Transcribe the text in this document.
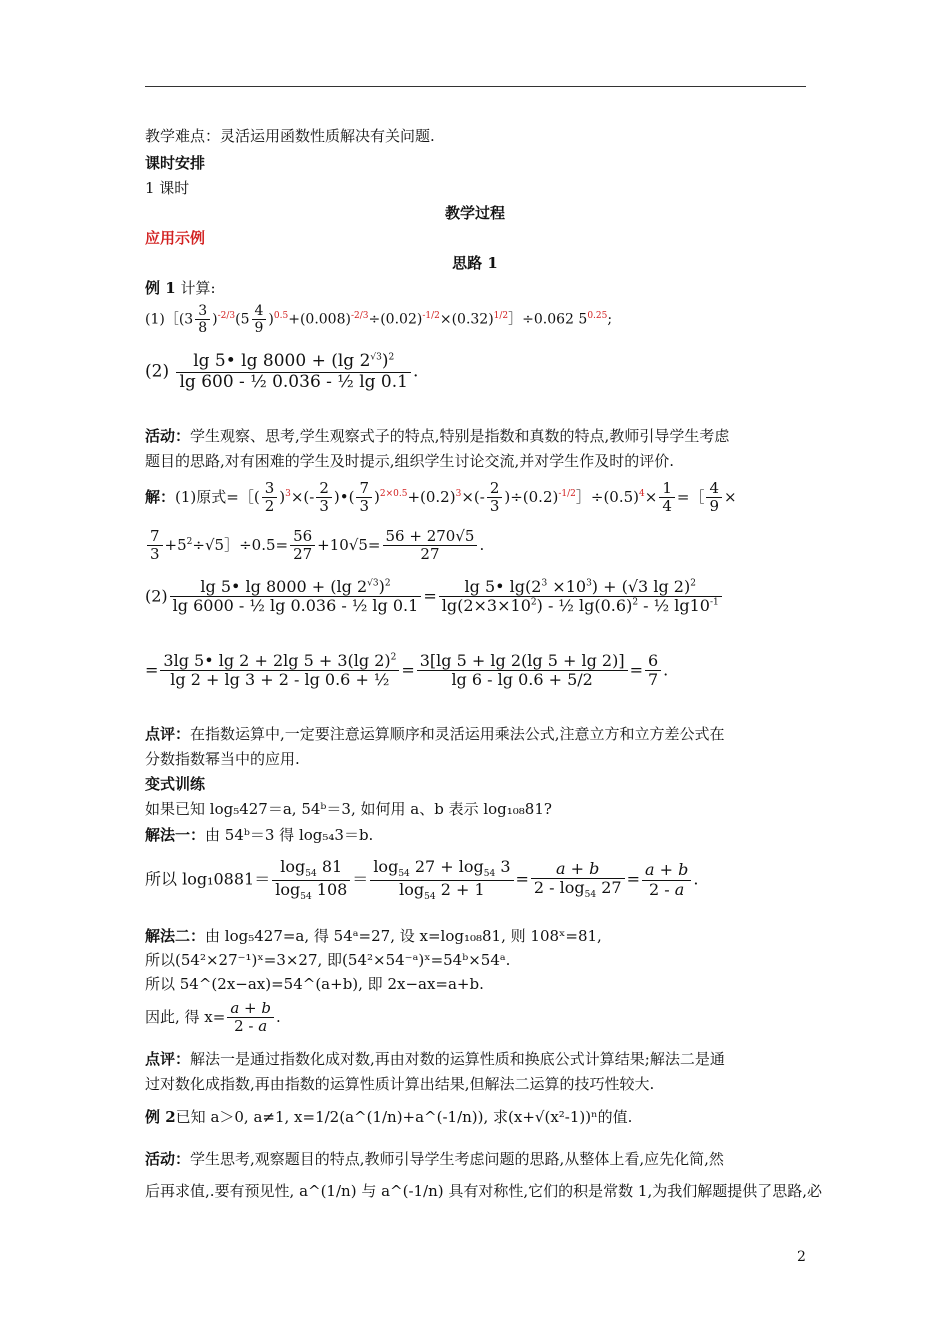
教学难点：灵活运用函数性质解决有关问题.
课时安排
1 课时
教学过程
应用示例
思路 1
例 1 计算:
(1)［(3 $\frac{3}{8} )^{-2/3}(5 \frac{4}{9}$ )$^{0.5}+(0.008)^{-2/3}\div(0.02)^{-1/2}\times(0.32)^{1/2}]\div 0.062$ $5^{0.25}$;
$(2) \frac{\lg 5• \lg 8000 + (\lg 2^{√3})^2}{\text{lg 600 - ½ 0.036 - ½ lg 0.1}}$ .
活动：学生观察、思考,学生观察式子的特点,特别是指数和真数的特点,教师引导学生考虑
题目的思路,对有困难的学生及时提示,组织学生讨论交流,并对学生作及时的评价.
解：(1)原式=［( $\frac{3}{2} )^3\times(- \frac{2}{3}$ )•( $\frac{7}{3} )^{2\times 0.5}+(0.2)^3\times(- \frac{2}{3}$ )$\div(0.2)^{-1/2}]\div(0.5)^4\times \frac{1}{4}$ =［ $\frac{4}{9}$ ×
$\frac{7}{3}$ $+5^2\div√5]\div 0.5= \frac{56}{27} +10√5= \frac{56 + 270√5}{27}$ .
$(2) \frac{\lg 5• \lg 8000 + (\lg 2^{√3})^2}{\text{lg 6000 - ½ lg 0.036 - ½ lg 0.1}} = \frac{\lg 5• \lg(2^3 \times 10^3) + (√3 \lg 2)^2}{\lg(2\times 3\times 10^2) - \frac{1}{2} \lg(0.6)^2 - \frac{1}{2} \lg 10^{-1}}$
= $\frac{3\lg 5• \lg 2 + 2\lg 5 + 3(\lg 2)^2}{\text{lg 2 + lg 3 + 2 - lg 0.6 + ½}} = \frac{3[\lg 5 + \lg 2(\lg 5 + \lg 2)]}{\lg 6 - \lg 0.6 + 5/2} = \frac{6}{7}$ .
点评：在指数运算中,一定要注意运算顺序和灵活运用乘法公式,注意立方和立方差公式在
分数指数幂当中的应用.
变式训练
如果已知 log₅427＝a, 54ᵇ＝3, 如何用 a、b 表示 log₁₀₈81?
解法一：由 54ᵇ＝3 得 log₅₄3＝b.
所以 $\log_10881= \frac{\log_{54} 81}{\log_{54} 108} = \frac{\log_{54} 27 + \log_{54} 3}{\log_{54} 2 + 1} = \frac{a + b}{2 - \log_{54} 27} = \frac{a + b}{2 - a}$ .
解法二：由 log₅427=a, 得 54ᵃ=27, 设 x=log₁₀₈81, 则 108ˣ=81,
所以(54²×27⁻¹)ˣ=3×27, 即(54²×54⁻ᵃ)ˣ=54ᵇ×54ᵃ.
所以 54^(2x−ax)=54^(a+b), 即 2x−ax=a+b.
因此, 得 $x= \frac{a + b}{2 - a}$ .
点评：解法一是通过指数化成对数,再由对数的运算性质和换底公式计算结果;解法二是通
过对数化成指数,再由指数的运算性质计算出结果,但解法二运算的技巧性较大.
例 2已知 a＞0, a≠1, x=1/2(a^(1/n)+a^(-1/n)), 求(x+√(x²-1))ⁿ的值.
活动：学生思考,观察题目的特点,教师引导学生考虑问题的思路,从整体上看,应先化简,然
后再求值,.要有预见性, a^(1/n) 与 a^(-1/n) 具有对称性,它们的积是常数 1,为我们解题提供了思路,必
2
